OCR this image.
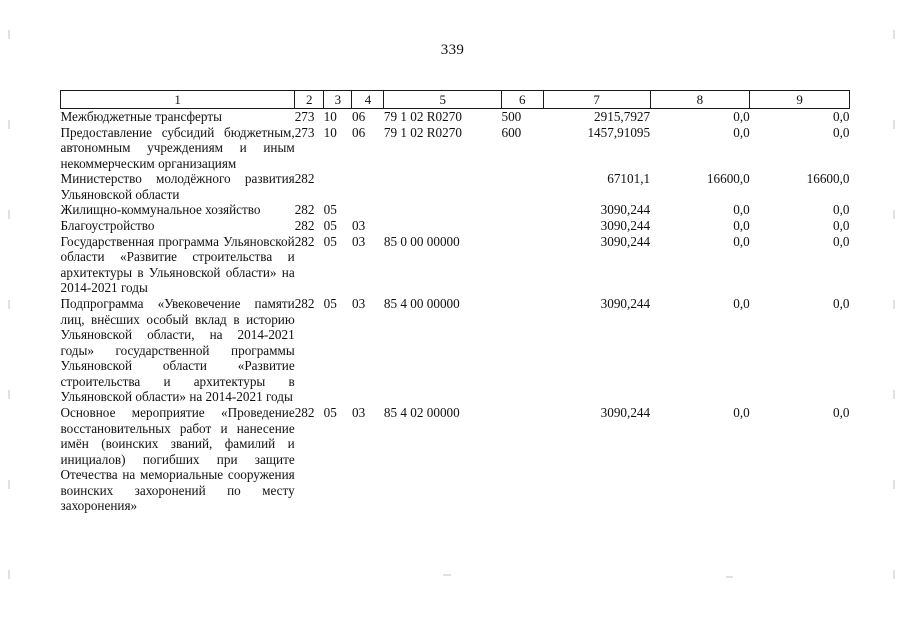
339
1	2	3	4	5	6	7	8	9
Межбюджетные трансферты	273	10	06	79 1 02 R0270	500	2915,7927	0,0	0,0
Предоставление субсидий бюджетным, автономным учреждениям и иным некоммерческим организациям	273	10	06	79 1 02 R0270	600	1457,91095	0,0	0,0
Министерство молодёжного развития Ульяновской области	282					67101,1	16600,0	16600,0
Жилищно-коммунальное хозяйство	282	05				3090,244	0,0	0,0
Благоустройство	282	05	03			3090,244	0,0	0,0
Государственная программа Ульяновской области «Развитие строительства и архитектуры в Ульяновской области» на 2014-2021 годы	282	05	03	85 0 00 00000		3090,244	0,0	0,0
Подпрограмма «Увековечение памяти лиц, внёсших особый вклад в историю Ульяновской области, на 2014-2021 годы» государственной программы Ульяновской области «Развитие строительства и архитектуры в Ульяновской области» на 2014-2021 годы	282	05	03	85 4 00 00000		3090,244	0,0	0,0
Основное мероприятие «Проведение восстановительных работ и нанесение имён (воинских званий, фамилий и инициалов) погибших при защите Отечества на мемориальные сооружения воинских захоронений по месту захоронения»	282	05	03	85 4 02 00000		3090,244	0,0	0,0
